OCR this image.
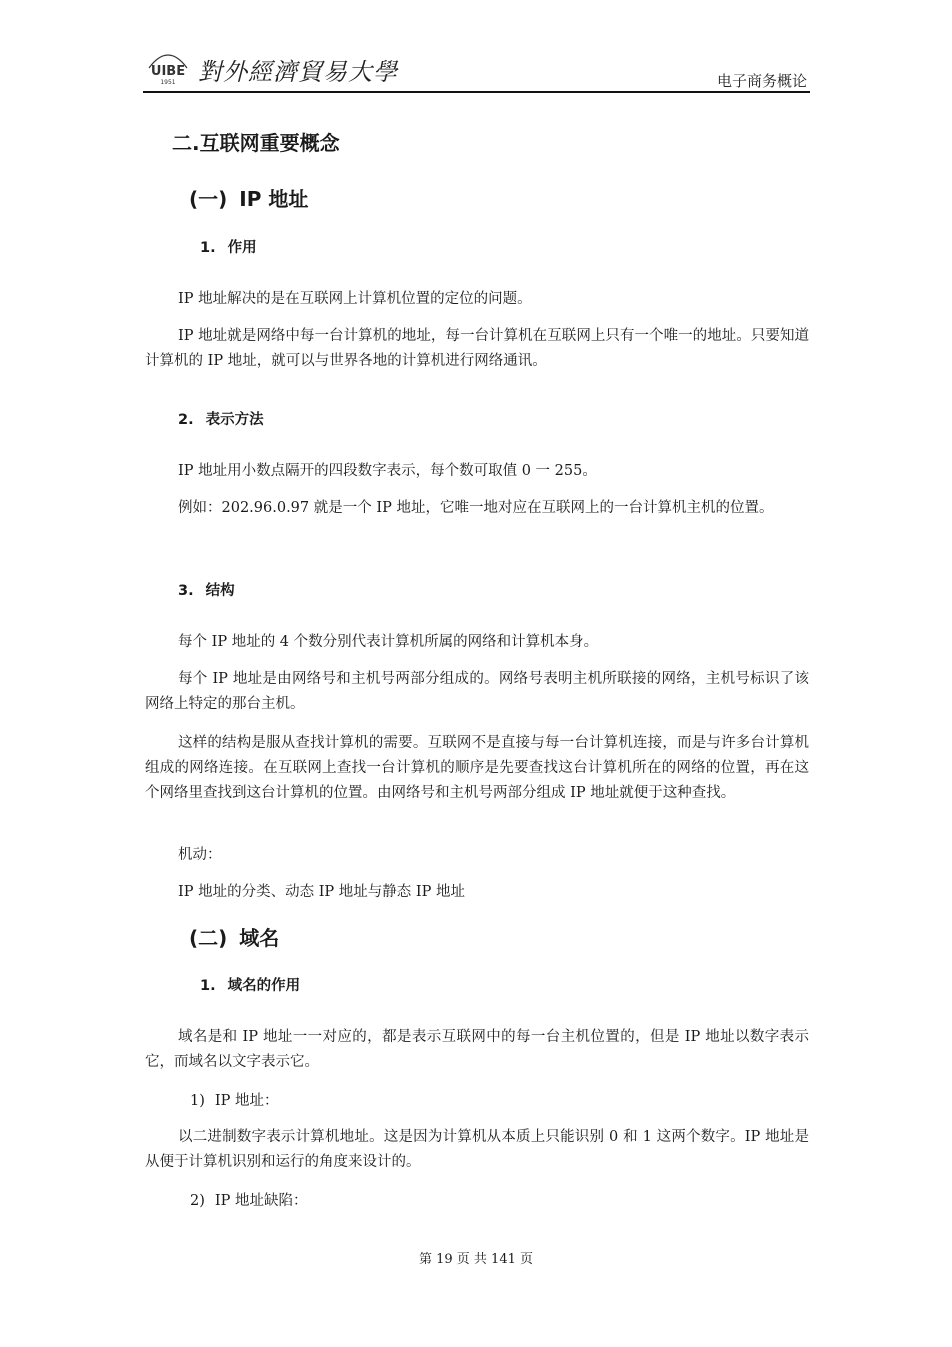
UIBE
1951 對外經濟貿易大學	电子商务概论
二.互联网重要概念
(一) IP 地址
1. 作用
IP 地址解决的是在互联网上计算机位置的定位的问题。
IP 地址就是网络中每一台计算机的地址，每一台计算机在互联网上只有一个唯一的地址。只要知道计算机的 IP 地址，就可以与世界各地的计算机进行网络通讯。
2. 表示方法
IP 地址用小数点隔开的四段数字表示，每个数可取值 0 一 255。
例如：202.96.0.97 就是一个 IP 地址，它唯一地对应在互联网上的一台计算机主机的位置。
3. 结构
每个 IP 地址的 4 个数分别代表计算机所属的网络和计算机本身。
每个 IP 地址是由网络号和主机号两部分组成的。网络号表明主机所联接的网络，主机号标识了该网络上特定的那台主机。
这样的结构是服从查找计算机的需要。互联网不是直接与每一台计算机连接，而是与许多台计算机组成的网络连接。在互联网上查找一台计算机的顺序是先要查找这台计算机所在的网络的位置，再在这个网络里查找到这台计算机的位置。由网络号和主机号两部分组成 IP 地址就便于这种查找。
机动：
IP 地址的分类、动态 IP 地址与静态 IP 地址
(二) 域名
1. 域名的作用
域名是和 IP 地址一一对应的，都是表示互联网中的每一台主机位置的，但是 IP 地址以数字表示它，而域名以文字表示它。
1) IP 地址：
以二进制数字表示计算机地址。这是因为计算机从本质上只能识别 0 和 1 这两个数字。IP 地址是从便于计算机识别和运行的角度来设计的。
2) IP 地址缺陷：
第 19 页 共 141 页
